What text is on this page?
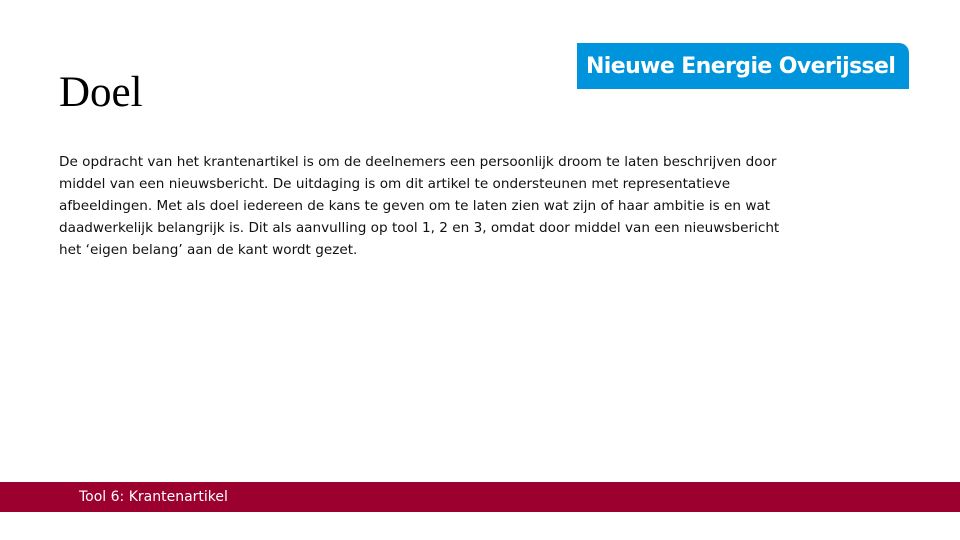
Nieuwe Energie Overijssel
Doel

De opdracht van het krantenartikel is om de deelnemers een persoonlijk droom te laten beschrijven door middel van een nieuwsbericht. De uitdaging is om dit artikel te ondersteunen met representatieve afbeeldingen. Met als doel iedereen de kans te geven om te laten zien wat zijn of haar ambitie is en wat daadwerkelijk belangrijk is. Dit als aanvulling op tool 1, 2 en 3, omdat door middel van een nieuwsbericht het ‘eigen belang’ aan de kant wordt gezet.

Tool 6: Krantenartikel
